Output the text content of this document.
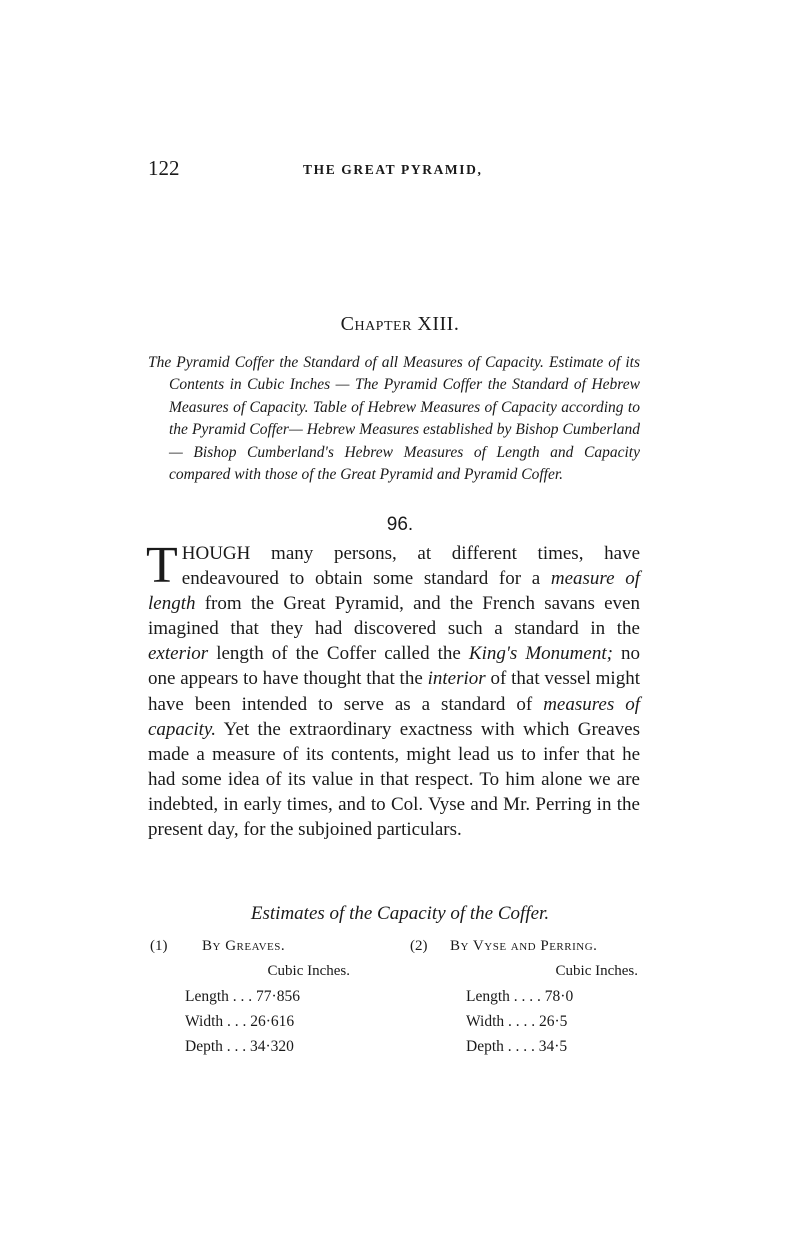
122	THE GREAT PYRAMID,
Chapter XIII.
The Pyramid Coffer the Standard of all Measures of Capacity. Estimate of its Contents in Cubic Inches — The Pyramid Coffer the Standard of Hebrew Measures of Capacity. Table of Hebrew Measures of Capacity according to the Pyramid Coffer— Hebrew Measures established by Bishop Cumberland — Bishop Cumberland's Hebrew Measures of Length and Capacity compared with those of the Great Pyramid and Pyramid Coffer.
96.
THOUGH many persons, at different times, have endeavoured to obtain some standard for a measure of length from the Great Pyramid, and the French savans even imagined that they had discovered such a standard in the exterior length of the Coffer called the King's Monument; no one appears to have thought that the interior of that vessel might have been intended to serve as a standard of measures of capacity. Yet the extraordinary exactness with which Greaves made a measure of its contents, might lead us to infer that he had some idea of its value in that respect. To him alone we are indebted, in early times, and to Col. Vyse and Mr. Perring in the present day, for the subjoined particulars.
Estimates of the Capacity of the Coffer.
(1) By Greaves.
Cubic Inches.
Length . . . 77·856
Width . . . 26·616
Depth . . . 34·320
(2) By Vyse and Perring.
Cubic Inches.
Length . . . . 78·0
Width . . . . 26·5
Depth . . . . 34·5
